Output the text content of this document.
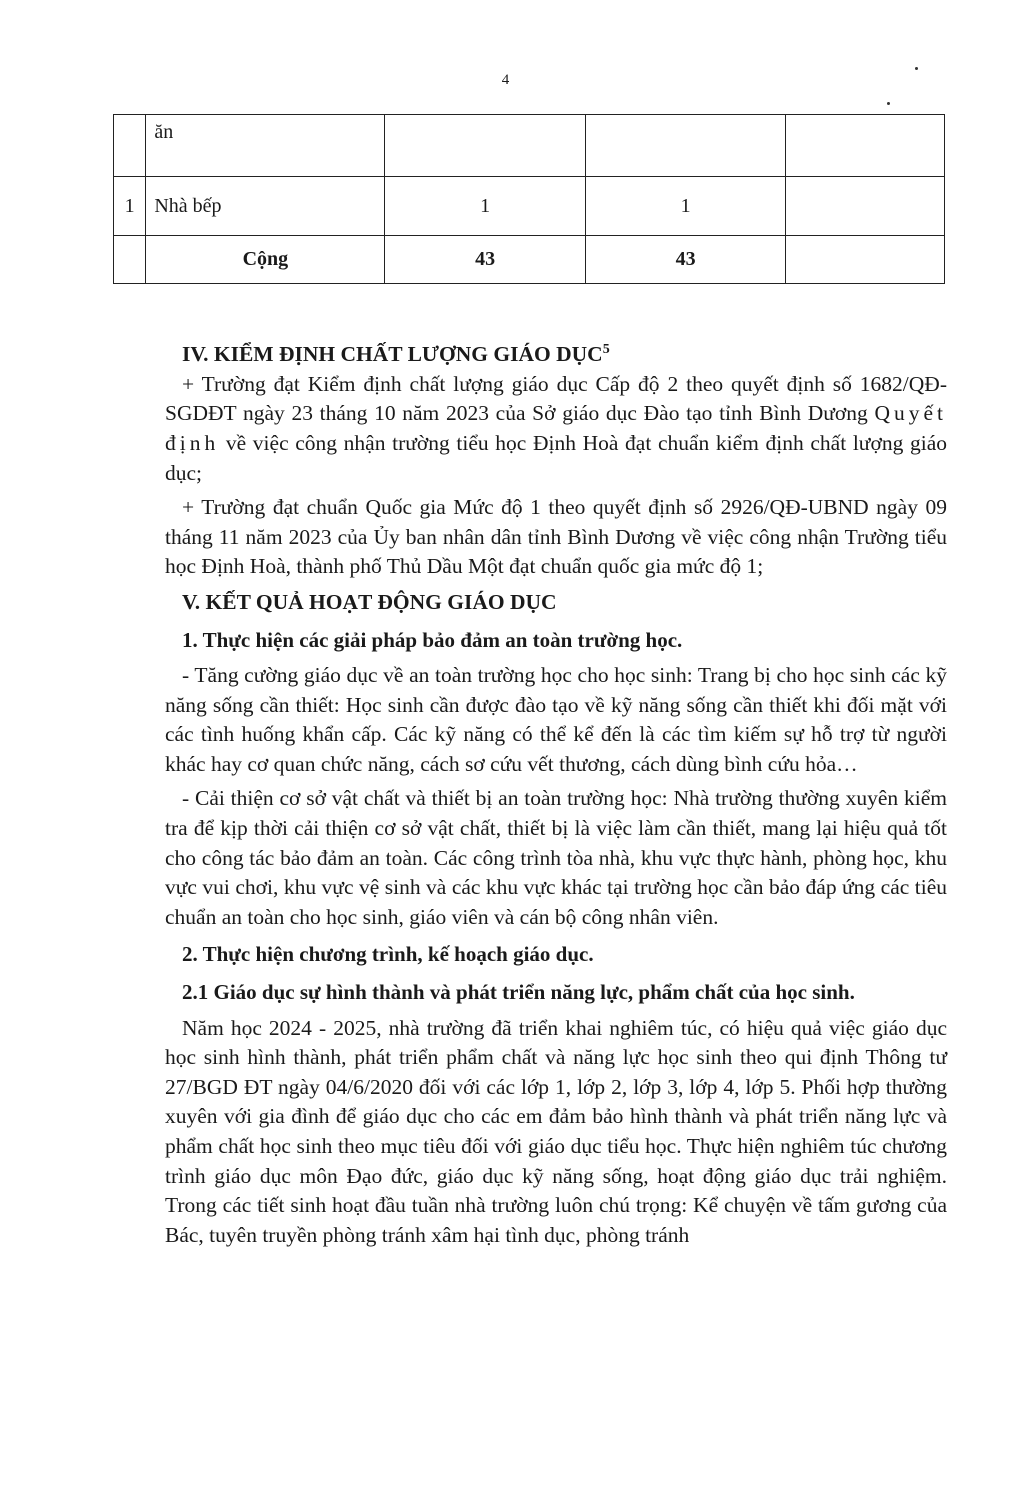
4
	ăn			
1	Nhà bếp	1	1	
	Cộng	43	43	
IV. KIỂM ĐỊNH CHẤT LƯỢNG GIÁO DỤC$^5$

+ Trường đạt Kiểm định chất lượng giáo dục Cấp độ 2 theo quyết định số 1682/QĐ-SGDĐT ngày 23 tháng 10 năm 2023 của Sở giáo dục Đào tạo tỉnh Bình Dương Quyết định về việc công nhận trường tiểu học Định Hoà đạt chuẩn kiểm định chất lượng giáo dục;

+ Trường đạt chuẩn Quốc gia Mức độ 1 theo quyết định số 2926/QĐ-UBND ngày 09 tháng 11 năm 2023 của Ủy ban nhân dân tỉnh Bình Dương về việc công nhận Trường tiểu học Định Hoà, thành phố Thủ Dầu Một đạt chuẩn quốc gia mức độ 1;

V. KẾT QUẢ HOẠT ĐỘNG GIÁO DỤC
1. Thực hiện các giải pháp bảo đảm an toàn trường học.

- Tăng cường giáo dục về an toàn trường học cho học sinh: Trang bị cho học sinh các kỹ năng sống cần thiết: Học sinh cần được đào tạo về kỹ năng sống cần thiết khi đối mặt với các tình huống khẩn cấp. Các kỹ năng có thể kể đến là các tìm kiếm sự hỗ trợ từ người khác hay cơ quan chức năng, cách sơ cứu vết thương, cách dùng bình cứu hỏa…

- Cải thiện cơ sở vật chất và thiết bị an toàn trường học: Nhà trường thường xuyên kiểm tra để kịp thời cải thiện cơ sở vật chất, thiết bị là việc làm cần thiết, mang lại hiệu quả tốt cho công tác bảo đảm an toàn. Các công trình tòa nhà, khu vực thực hành, phòng học, khu vực vui chơi, khu vực vệ sinh và các khu vực khác tại trường học cần bảo đáp ứng các tiêu chuẩn an toàn cho học sinh, giáo viên và cán bộ công nhân viên.

2. Thực hiện chương trình, kế hoạch giáo dục.
2.1 Giáo dục sự hình thành và phát triển năng lực, phẩm chất của học sinh.

Năm học 2024 - 2025, nhà trường đã triển khai nghiêm túc, có hiệu quả việc giáo dục học sinh hình thành, phát triển phẩm chất và năng lực học sinh theo qui định Thông tư 27/BGD ĐT ngày 04/6/2020 đối với các lớp 1, lớp 2, lớp 3, lớp 4, lớp 5. Phối hợp thường xuyên với gia đình để giáo dục cho các em đảm bảo hình thành và phát triển năng lực và phẩm chất học sinh theo mục tiêu đối với giáo dục tiểu học. Thực hiện nghiêm túc chương trình giáo dục môn Đạo đức, giáo dục kỹ năng sống, hoạt động giáo dục trải nghiệm. Trong các tiết sinh hoạt đầu tuần nhà trường luôn chú trọng: Kể chuyện về tấm gương của Bác, tuyên truyền phòng tránh xâm hại tình dục, phòng tránh
